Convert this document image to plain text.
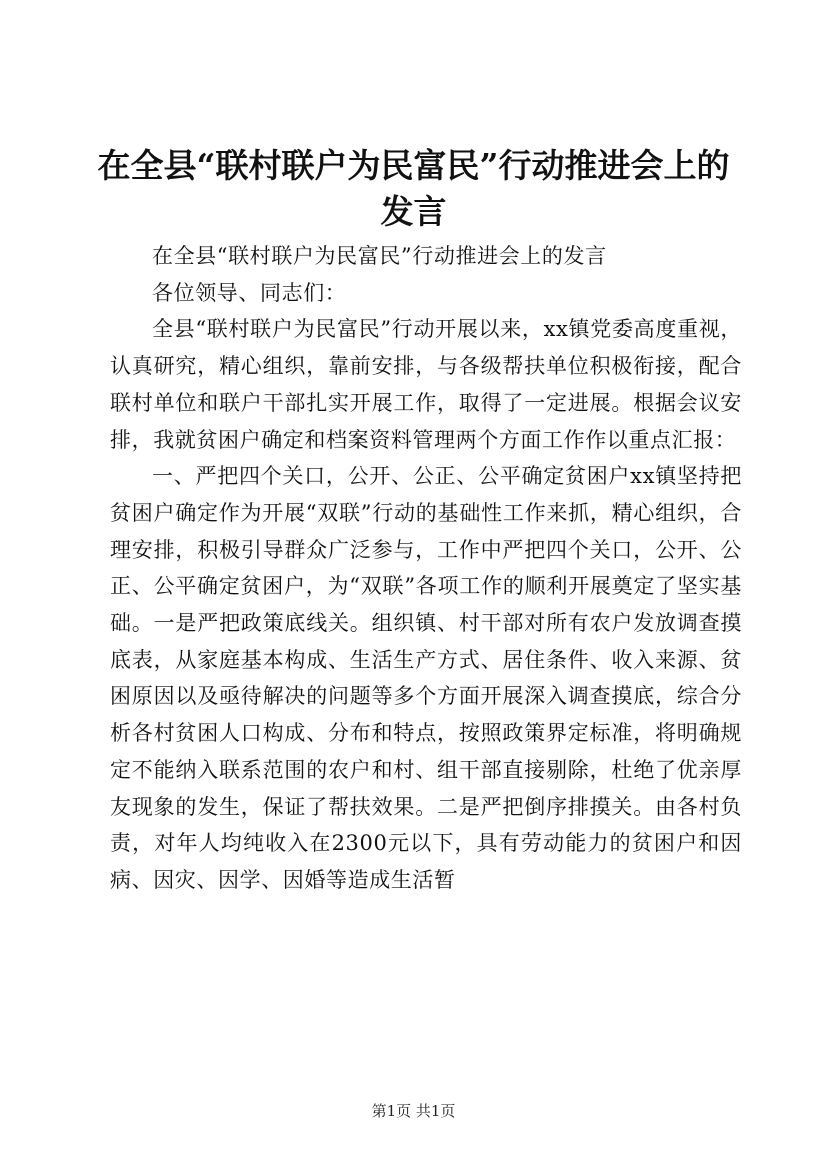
在全县“联村联户为民富民”行动推进会上的发言

在全县“联村联户为民富民”行动推进会上的发言

各位领导、同志们：

全县“联村联户为民富民”行动开展以来，xx镇党委高度重视，认真研究，精心组织，靠前安排，与各级帮扶单位积极衔接，配合联村单位和联户干部扎实开展工作，取得了一定进展。根据会议安排，我就贫困户确定和档案资料管理两个方面工作作以重点汇报：

一、严把四个关口，公开、公正、公平确定贫困户xx镇坚持把贫困户确定作为开展“双联”行动的基础性工作来抓，精心组织，合理安排，积极引导群众广泛参与，工作中严把四个关口，公开、公正、公平确定贫困户，为“双联”各项工作的顺利开展奠定了坚实基础。一是严把政策底线关。组织镇、村干部对所有农户发放调查摸底表，从家庭基本构成、生活生产方式、居住条件、收入来源、贫困原因以及亟待解决的问题等多个方面开展深入调查摸底，综合分析各村贫困人口构成、分布和特点，按照政策界定标准，将明确规定不能纳入联系范围的农户和村、组干部直接剔除，杜绝了优亲厚友现象的发生，保证了帮扶效果。二是严把倒序排摸关。由各村负责，对年人均纯收入在2300元以下，具有劳动能力的贫困户和因病、因灾、因学、因婚等造成生活暂

第1页 共1页
